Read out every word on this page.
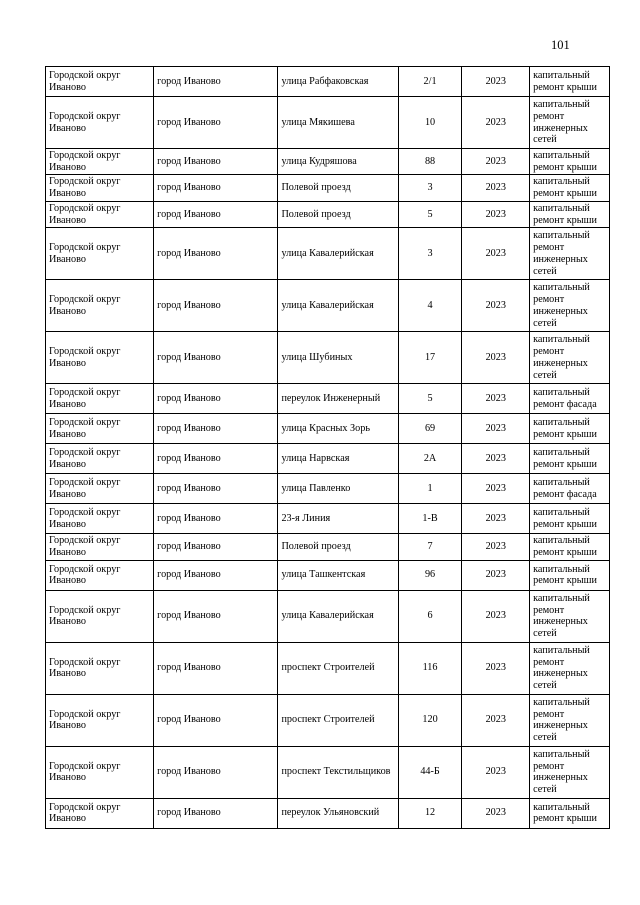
101
Городской округ Иваново	город Иваново	улица Рабфаковская	2/1	2023	капитальный ремонт крыши
Городской округ Иваново	город Иваново	улица Мякишева	10	2023	капитальный ремонт инженерных сетей
Городской округ Иваново	город Иваново	улица Кудряшова	88	2023	капитальный ремонт крыши
Городской округ Иваново	город Иваново	Полевой проезд	3	2023	капитальный ремонт крыши
Городской округ Иваново	город Иваново	Полевой проезд	5	2023	капитальный ремонт крыши
Городской округ Иваново	город Иваново	улица Кавалерийская	3	2023	капитальный ремонт инженерных сетей
Городской округ Иваново	город Иваново	улица Кавалерийская	4	2023	капитальный ремонт инженерных сетей
Городской округ Иваново	город Иваново	улица Шубиных	17	2023	капитальный ремонт инженерных сетей
Городской округ Иваново	город Иваново	переулок Инженерный	5	2023	капитальный ремонт фасада
Городской округ Иваново	город Иваново	улица Красных Зорь	69	2023	капитальный ремонт крыши
Городской округ Иваново	город Иваново	улица Нарвская	2А	2023	капитальный ремонт крыши
Городской округ Иваново	город Иваново	улица Павленко	1	2023	капитальный ремонт фасада
Городской округ Иваново	город Иваново	23-я Линия	1-В	2023	капитальный ремонт крыши
Городской округ Иваново	город Иваново	Полевой проезд	7	2023	капитальный ремонт крыши
Городской округ Иваново	город Иваново	улица Ташкентская	96	2023	капитальный ремонт крыши
Городской округ Иваново	город Иваново	улица Кавалерийская	6	2023	капитальный ремонт инженерных сетей
Городской округ Иваново	город Иваново	проспект Строителей	116	2023	капитальный ремонт инженерных сетей
Городской округ Иваново	город Иваново	проспект Строителей	120	2023	капитальный ремонт инженерных сетей
Городской округ Иваново	город Иваново	проспект Текстильщиков	44-Б	2023	капитальный ремонт инженерных сетей
Городской округ Иваново	город Иваново	переулок Ульяновский	12	2023	капитальный ремонт крыши
